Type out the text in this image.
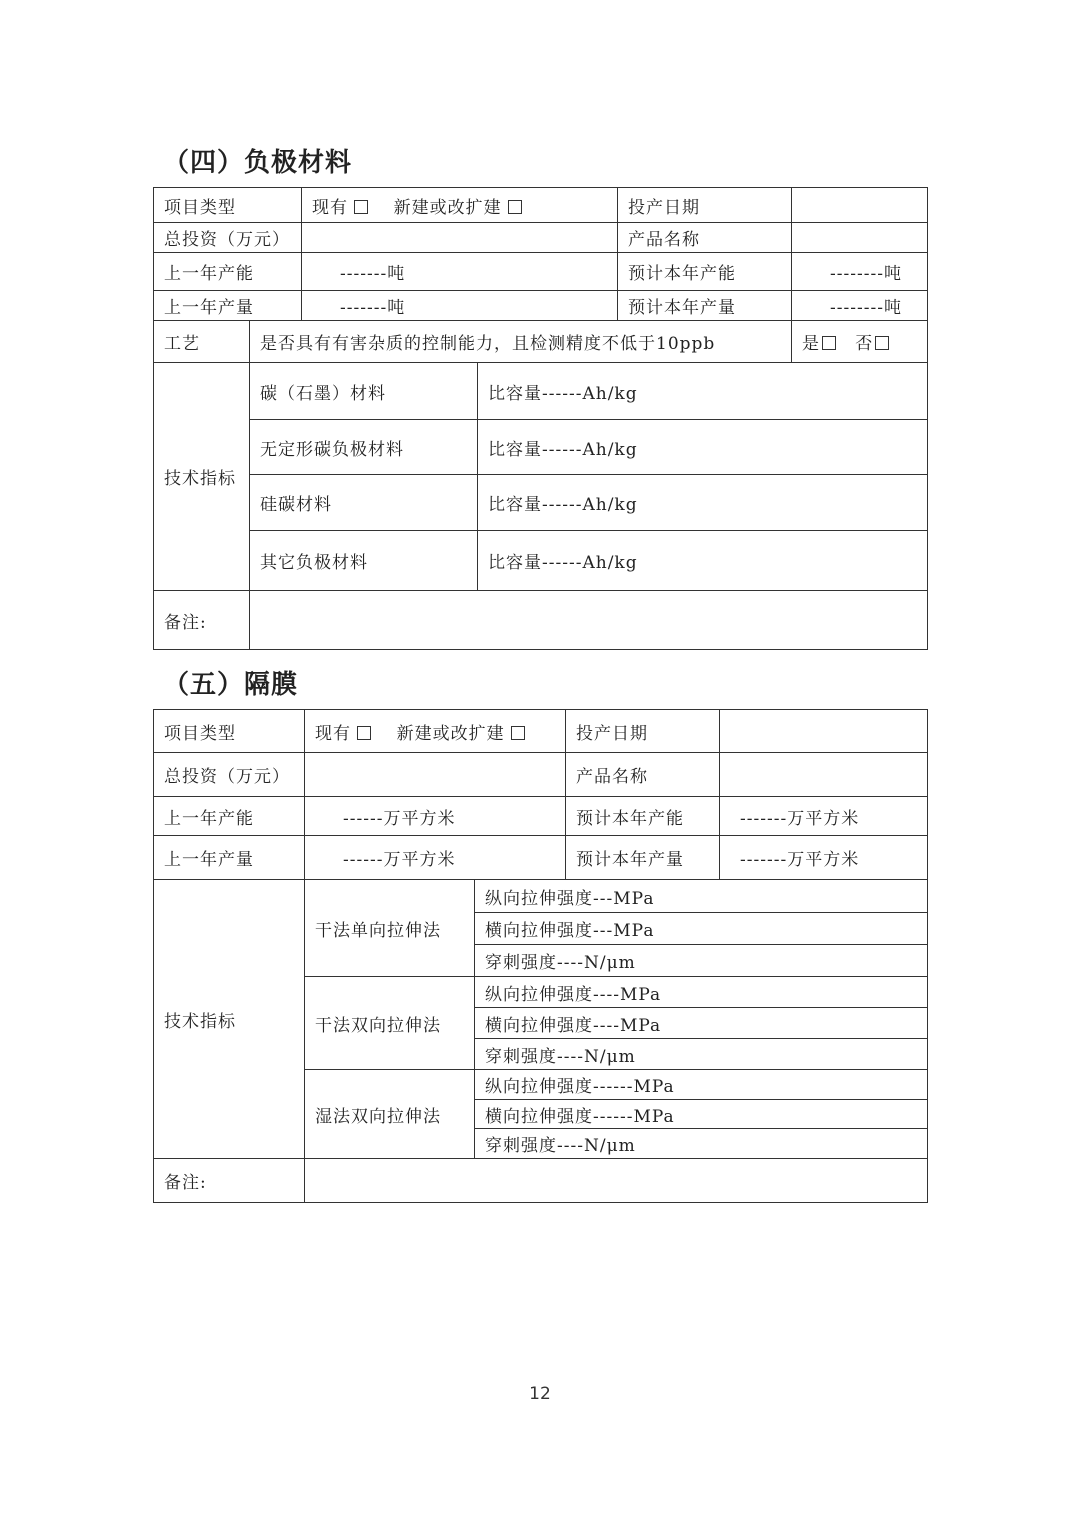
（四）负极材料
项目类型		现有 新建或改扩建		投产日期	
总投资（万元）				产品名称	
上一年产能		-------吨		预计本年产能	--------吨
上一年产量		-------吨		预计本年产量	--------吨
工艺	是否具有有害杂质的控制能力，且检测精度不低于10ppb				是 否
技术指标	碳（石墨）材料		比容量------Ah/kg		
	无定形碳负极材料		比容量------Ah/kg		
	硅碳材料		比容量------Ah/kg		
	其它负极材料		比容量------Ah/kg		
备注:					
（五）隔膜
项目类型	现有 新建或改扩建		投产日期	
总投资（万元）			产品名称	
上一年产能	------万平方米		预计本年产能	-------万平方米
上一年产量	------万平方米		预计本年产量	-------万平方米
技术指标	干法单向拉伸法	纵向拉伸强度---MPa		
		横向拉伸强度---MPa		
		穿刺强度----N/μm		
	干法双向拉伸法	纵向拉伸强度----MPa		
		横向拉伸强度----MPa		
		穿刺强度----N/μm		
	湿法双向拉伸法	纵向拉伸强度------MPa		
		横向拉伸强度------MPa		
		穿刺强度----N/μm		
备注:				
12
